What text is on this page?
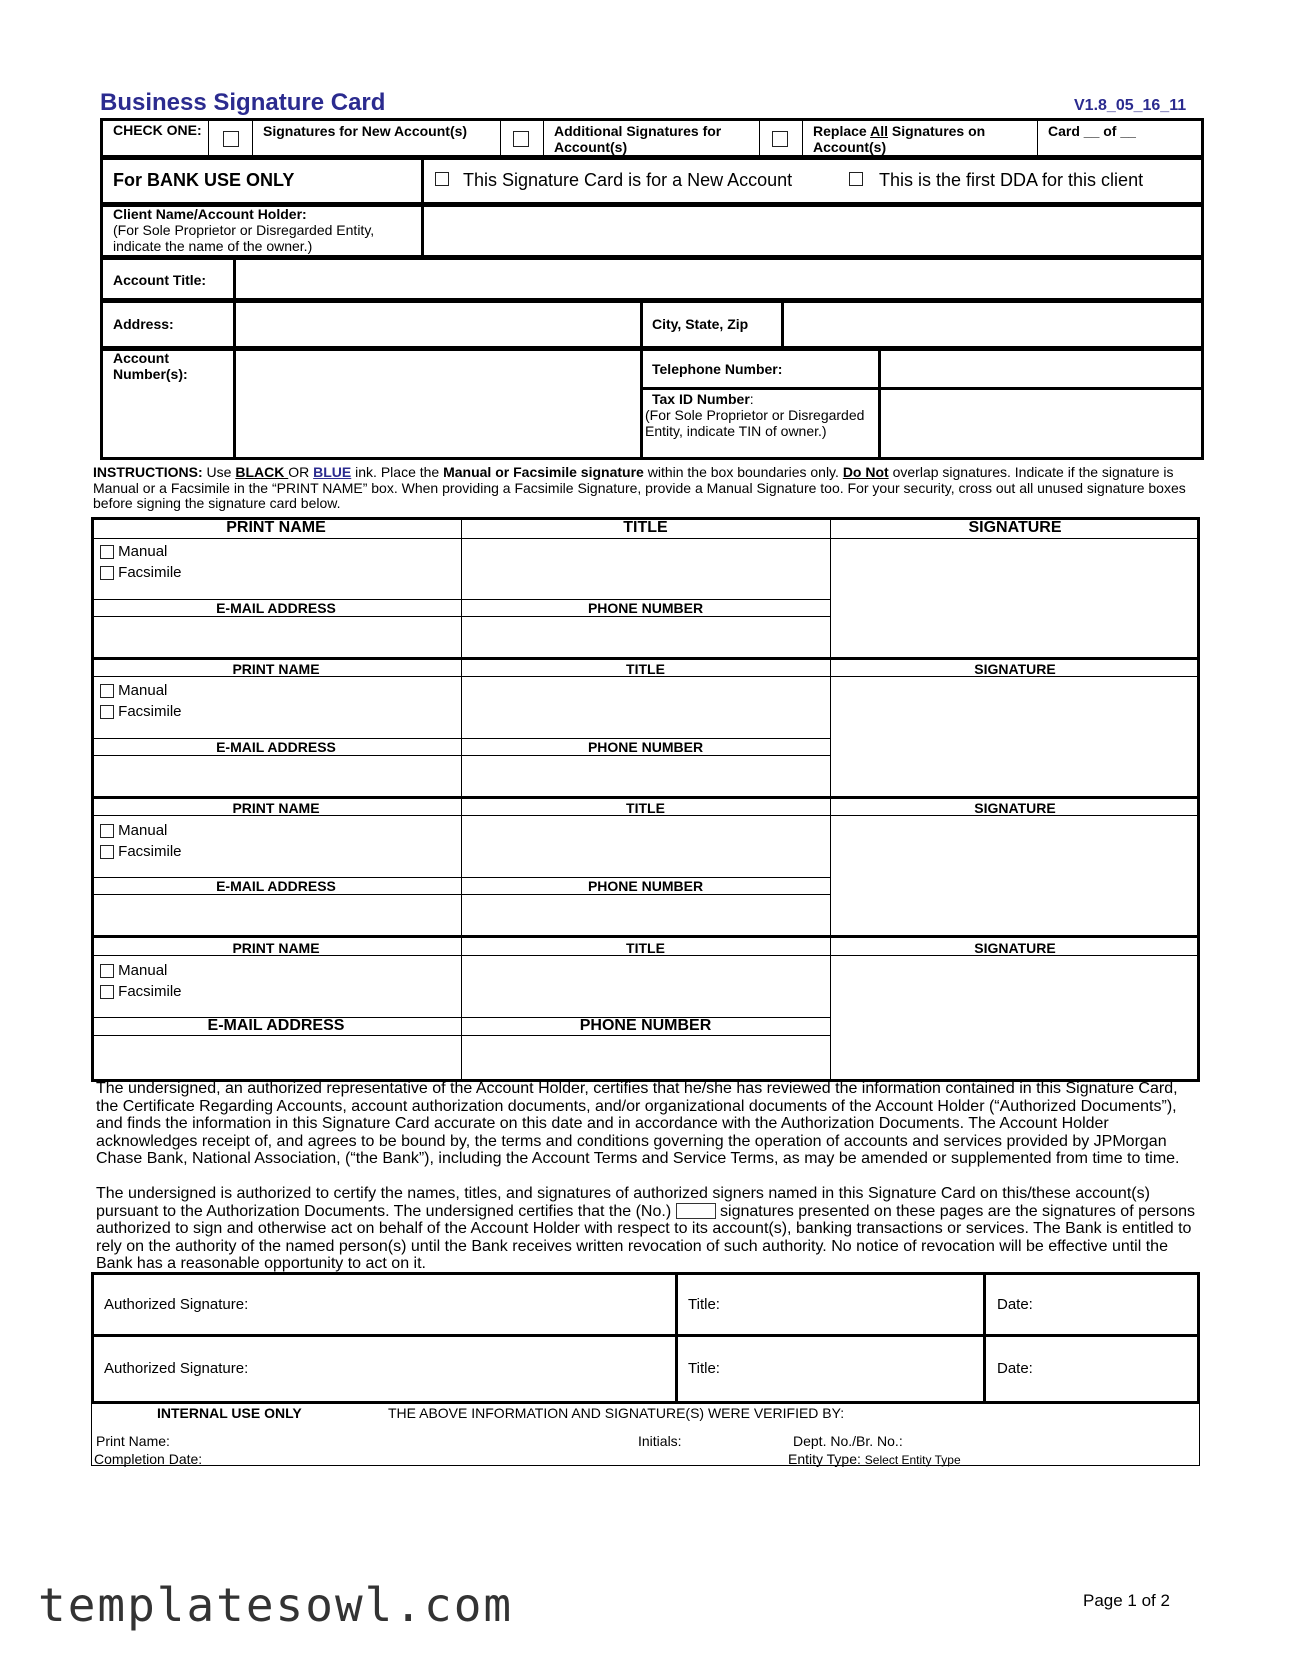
Business Signature Card	V1.8_05_16_11
CHECK ONE:	Signatures for New Account(s)	Additional Signatures for Account(s)
Replace All Signatures on Account(s)
Card __ of __
For BANK USE ONLY	This Signature Card is for a New Account	This is the first DDA for this client
Client Name/Account Holder:
(For Sole Proprietor or Disregarded Entity, indicate the name of the owner.)
Account Title:
Address:	City, State, Zip
Account Number(s):	Telephone Number:
Tax ID Number:
(For Sole Proprietor or Disregarded Entity, indicate TIN of owner.)
INSTRUCTIONS: Use BLACK OR BLUE ink. Place the Manual or Facsimile signature within the box boundaries only. Do Not overlap signatures. Indicate if the signature is Manual or a Facsimile in the “PRINT NAME” box. When providing a Facsimile Signature, provide a Manual Signature too. For your security, cross out all unused signature boxes before signing the signature card below.
PRINT NAME	TITLE	SIGNATURE
Manual
Facsimile
E-MAIL ADDRESS	PHONE NUMBER
PRINT NAME	TITLE	SIGNATURE
Manual
Facsimile
E-MAIL ADDRESS	PHONE NUMBER
PRINT NAME	TITLE	SIGNATURE
Manual
Facsimile
E-MAIL ADDRESS	PHONE NUMBER
PRINT NAME	TITLE	SIGNATURE
Manual
Facsimile
E-MAIL ADDRESS	PHONE NUMBER
The undersigned, an authorized representative of the Account Holder, certifies that he/she has reviewed the information contained in this Signature Card, the Certificate Regarding Accounts, account authorization documents, and/or organizational documents of the Account Holder (“Authorized Documents”), and finds the information in this Signature Card accurate on this date and in accordance with the Authorization Documents. The Account Holder acknowledges receipt of, and agrees to be bound by, the terms and conditions governing the operation of accounts and services provided by JPMorgan Chase Bank, National Association, (“the Bank”), including the Account Terms and Service Terms, as may be amended or supplemented from time to time.
The undersigned is authorized to certify the names, titles, and signatures of authorized signers named in this Signature Card on this/these account(s) pursuant to the Authorization Documents. The undersigned certifies that the (No.)	signatures presented on these pages are the signatures of persons authorized to sign and otherwise act on behalf of the Account Holder with respect to its account(s), banking transactions or services. The Bank is entitled to rely on the authority of the named person(s) until the Bank receives written revocation of such authority. No notice of revocation will be effective until the Bank has a reasonable opportunity to act on it.
Authorized Signature:	Title:	Date:
Authorized Signature:	Title:	Date:
INTERNAL USE ONLY	THE ABOVE INFORMATION AND SIGNATURE(S) WERE VERIFIED BY:
Print Name:
Completion Date:
Initials:	Dept. No./Br. No.:
Entity Type: Select Entity Type
templatesowl.com	Page 1 of 2
